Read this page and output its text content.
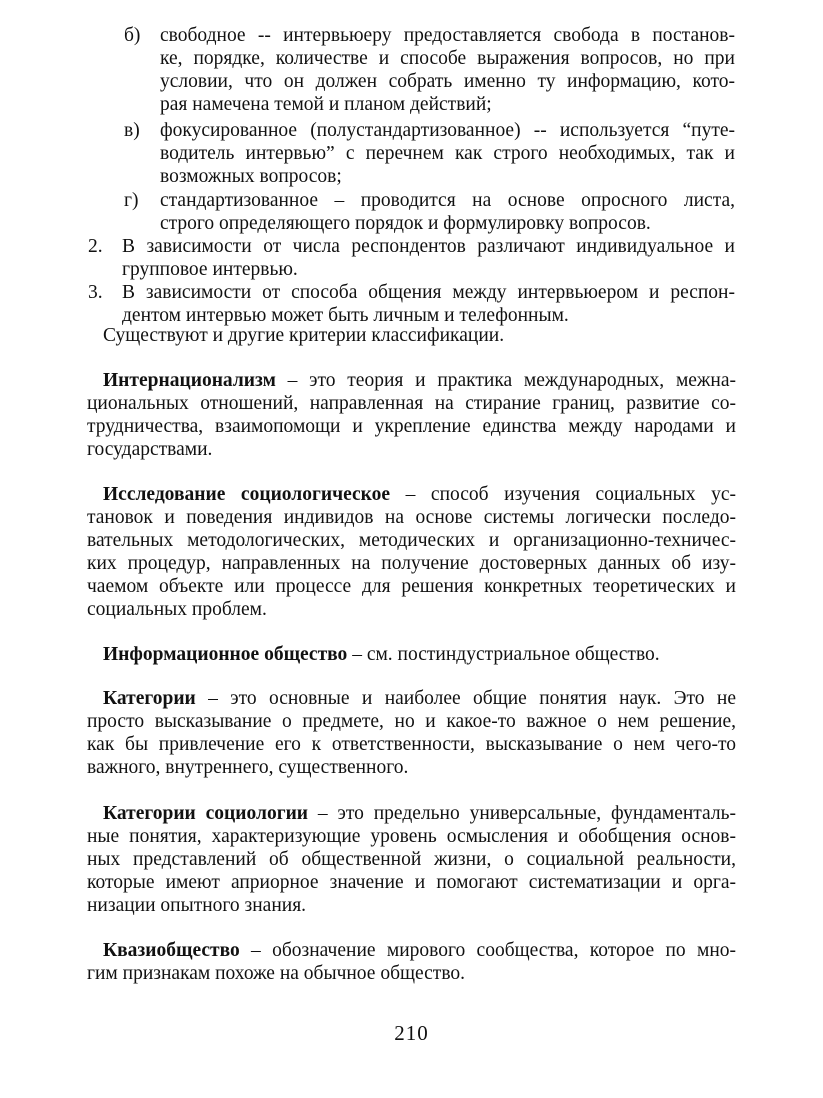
б) свободное -- интервьюеру предоставляется свобода в постанов-
ке, порядке, количестве и способе выражения вопросов, но при
условии, что он должен собрать именно ту информацию, кото-
рая намечена темой и планом действий;
в) фокусированное (полустандартизованное) -- используется “путе-
водитель интервью” с перечнем как строго необходимых, так и
возможных вопросов;
г) стандартизованное – проводится на основе опросного листа,
строго определяющего порядок и формулировку вопросов.
2. В зависимости от числа респондентов различают индивидуальное и
групповое интервью.
3. В зависимости от способа общения между интервьюером и респон-
дентом интервью может быть личным и телефонным.
Существуют и другие критерии классификации.
Интернационализм – это теория и практика международных, межна-
циональных отношений, направленная на стирание границ, развитие со-
трудничества, взаимопомощи и укрепление единства между народами и
государствами.
Исследование социологическое – способ изучения социальных ус-
тановок и поведения индивидов на основе системы логически последо-
вательных методологических, методических и организационно-техничес-
ких процедур, направленных на получение достоверных данных об изу-
чаемом объекте или процессе для решения конкретных теоретических и
социальных проблем.
Информационное общество – см. постиндустриальное общество.
Категории – это основные и наиболее общие понятия наук. Это не
просто высказывание о предмете, но и какое-то важное о нем решение,
как бы привлечение его к ответственности, высказывание о нем чего-то
важного, внутреннего, существенного.
Категории социологии – это предельно универсальные, фундаменталь-
ные понятия, характеризующие уровень осмысления и обобщения основ-
ных представлений об общественной жизни, о социальной реальности,
которые имеют априорное значение и помогают систематизации и орга-
низации опытного знания.
Квазиобщество – обозначение мирового сообщества, которое по мно-
гим признакам похоже на обычное общество.
210
